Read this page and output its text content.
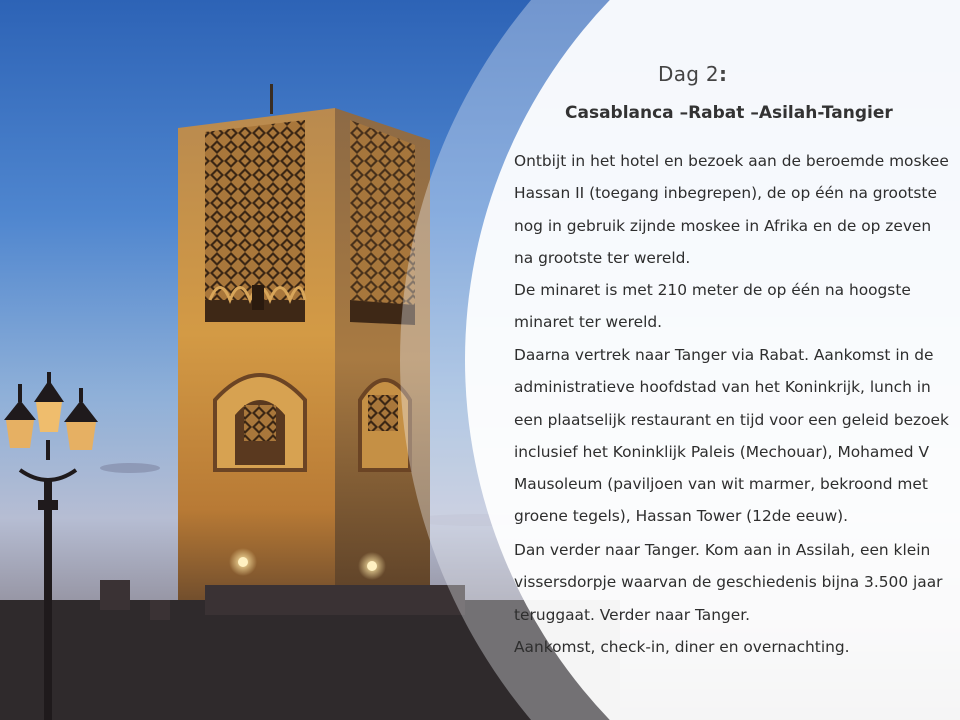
Dag 2:
Casablanca –Rabat –Asilah-Tangier

Ontbijt in het hotel en bezoek aan de beroemde moskee Hassan II (toegang inbegrepen), de op één na grootste nog in gebruik zijnde moskee in Afrika en de op zeven na grootste ter wereld.

De minaret is met 210 meter de op één na hoogste minaret ter wereld.

Daarna vertrek naar Tanger via Rabat. Aankomst in de administratieve hoofdstad van het Koninkrijk, lunch in een plaatselijk restaurant en tijd voor een geleid bezoek inclusief het Koninklijk Paleis (Mechouar), Mohamed V Mausoleum (paviljoen van wit marmer, bekroond met groene tegels), Hassan Tower (12de eeuw).

Dan verder naar Tanger. Kom aan in Assilah, een klein vissersdorpje waarvan de geschiedenis bijna 3.500 jaar teruggaat. Verder naar Tanger.

Aankomst, check-in, diner en overnachting.
